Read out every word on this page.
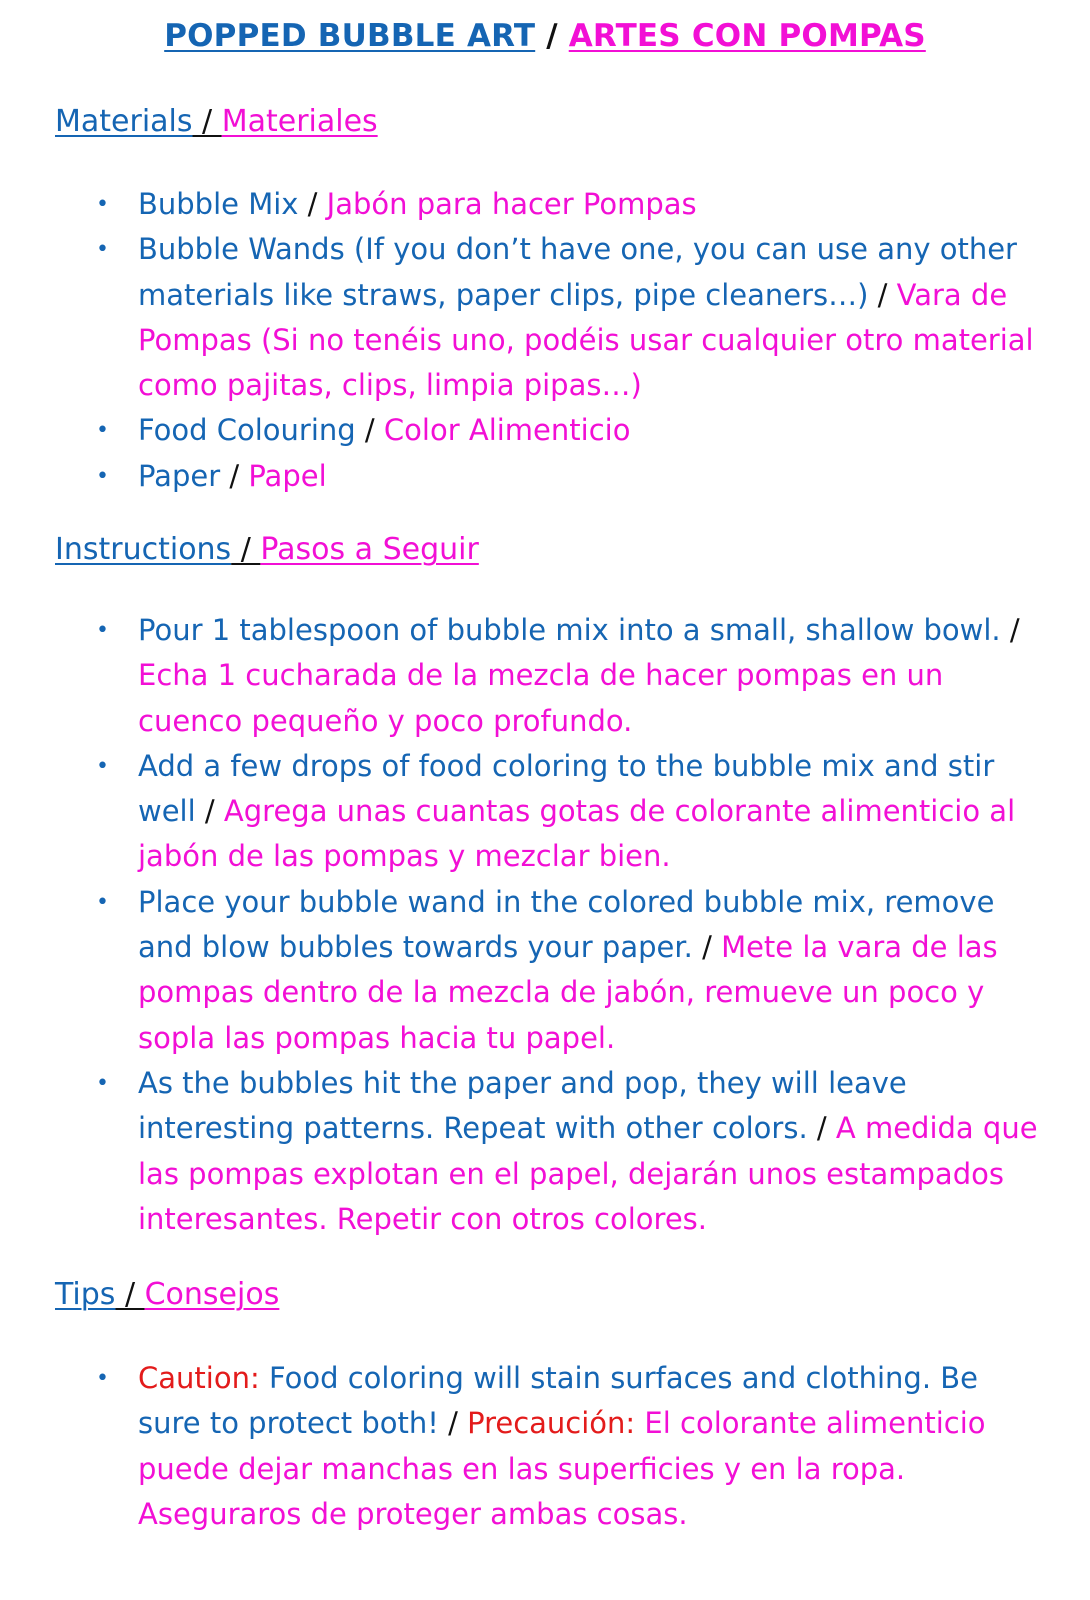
POPPED BUBBLE ART / ARTES CON POMPAS
Materials / Materiales
• Bubble Mix / Jabón para hacer Pompas
• Bubble Wands (If you don’t have one, you can use any other materials like straws, paper clips, pipe cleaners…) / Vara de Pompas (Si no tenéis uno, podéis usar cualquier otro material como pajitas, clips, limpia pipas…)
• Food Colouring / Color Alimenticio
• Paper / Papel
Instructions / Pasos a Seguir
• Pour 1 tablespoon of bubble mix into a small, shallow bowl. / Echa 1 cucharada de la mezcla de hacer pompas en un cuenco pequeño y poco profundo.
• Add a few drops of food coloring to the bubble mix and stir well / Agrega unas cuantas gotas de colorante alimenticio al jabón de las pompas y mezclar bien.
• Place your bubble wand in the colored bubble mix, remove and blow bubbles towards your paper. / Mete la vara de las pompas dentro de la mezcla de jabón, remueve un poco y sopla las pompas hacia tu papel.
• As the bubbles hit the paper and pop, they will leave interesting patterns. Repeat with other colors. / A medida que las pompas explotan en el papel, dejarán unos estampados interesantes. Repetir con otros colores.
Tips / Consejos
• Caution: Food coloring will stain surfaces and clothing. Be sure to protect both! / Precaución: El colorante alimenticio puede dejar manchas en las superficies y en la ropa. Aseguraros de proteger ambas cosas.
